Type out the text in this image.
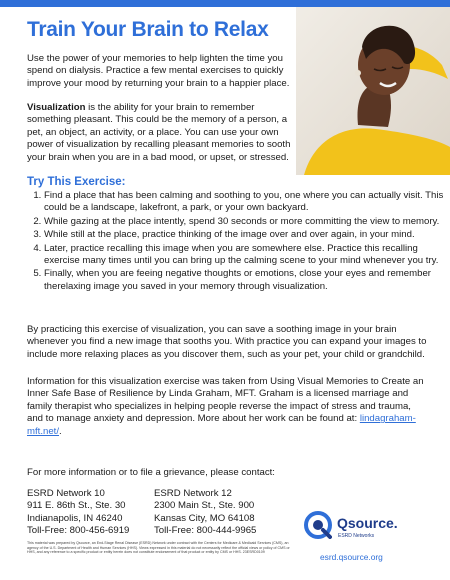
Train Your Brain to Relax

Use the power of your memories to help lighten the time you spend on dialysis. Practice a few mental exercises to quickly improve your mood by returning your brain to a happier place.

Visualization is the ability for your brain to remember something pleasant. This could be the memory of a person, a pet, an object, an activity, or a place. You can use your own power of visualization by recalling pleasant memories to sooth your brain when you are in a bad mood, or upset, or stressed.

Try This Exercise:
1. Find a place that has been calming and soothing to you, one where you can actually visit. This could be a landscape, lakefront, a park, or your own backyard.
2. While gazing at the place intently, spend 30 seconds or more committing the view to memory.
3. While still at the place, practice thinking of the image over and over again, in your mind.
4. Later, practice recalling this image when you are somewhere else. Practice this recalling exercise many times until you can bring up the calming scene to your mind whenever you try.
5. Finally, when you are feeing negative thoughts or emotions, close your eyes and remember therelaxing image you saved in your memory through visualization.

By practicing this exercise of visualization, you can save a soothing image in your brain whenever you find a new image that sooths you. With practice you can expand your images to include more relaxing places as you discover them, such as your pet, your child or grandchild.

Information for this visualization exercise was taken from Using Visual Memories to Create an Inner Safe Base of Resilience by Linda Graham, MFT. Graham is a licensed marriage and family therapist who specializes in helping people reverse the impact of stress and trauma, and to manage anxiety and depression. More about her work can be found at: lindagraham-mft.net/.

For more information or to file a grievance, please contact:

ESRD Network 10
911 E. 86th St., Ste. 30
Indianapolis, IN 46240
Toll-Free: 800-456-6919
ESRD Network 12
2300 Main St., Ste. 900
Kansas City, MO 64108
Toll-Free: 800-444-9965	Qsource.
ESRD Networks
esrd.qsource.org

This material was prepared by Qsource, an End-Stage Renal Disease (ESRD) Network under contract with the Centers for Medicare & Medicaid Services (CMS), an agency of the U.S. Department of Health and Human Services (HHS). Views expressed in this material do not necessarily reflect the official views or policy of CMS or HHS, and any reference to a specific product or entity herein does not constitute endorsement of that product or entity by CMS or HHS. 23ESRD0109
